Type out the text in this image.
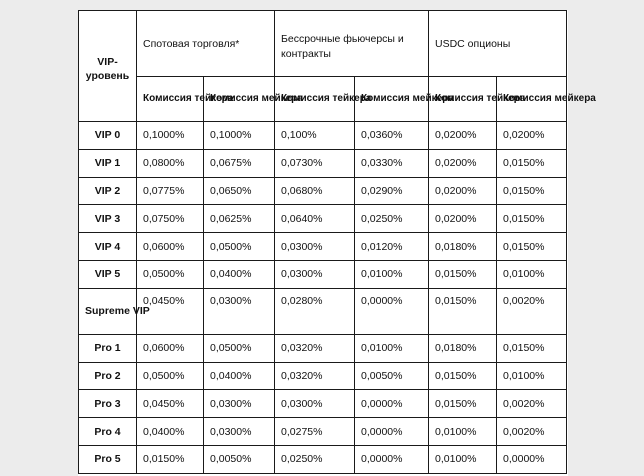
VIP-
уровень	Спотовая торговля*		Бессрочные фьючерсы и контракты		USDC опционы	
	Комиссия тейкера	Комиссия мейкера	Комиссия тейкера	Комиссия мейкера	Комиссия тейкера	Комиссия мейкера
VIP 0	0,1000%	0,1000%	0,100%	0,0360%	0,0200%	0,0200%
VIP 1	0,0800%	0,0675%	0,0730%	0,0330%	0,0200%	0,0150%
VIP 2	0,0775%	0,0650%	0,0680%	0,0290%	0,0200%	0,0150%
VIP 3	0,0750%	0,0625%	0,0640%	0,0250%	0,0200%	0,0150%
VIP 4	0,0600%	0,0500%	0,0300%	0,0120%	0,0180%	0,0150%
VIP 5	0,0500%	0,0400%	0,0300%	0,0100%	0,0150%	0,0100%
Supreme VIP	0,0450%	0,0300%	0,0280%	0,0000%	0,0150%	0,0020%
Pro 1	0,0600%	0,0500%	0,0320%	0,0100%	0,0180%	0,0150%
Pro 2	0,0500%	0,0400%	0,0320%	0,0050%	0,0150%	0,0100%
Pro 3	0,0450%	0,0300%	0,0300%	0,0000%	0,0150%	0,0020%
Pro 4	0,0400%	0,0300%	0,0275%	0,0000%	0,0100%	0,0020%
Pro 5	0,0150%	0,0050%	0,0250%	0,0000%	0,0100%	0,0000%
